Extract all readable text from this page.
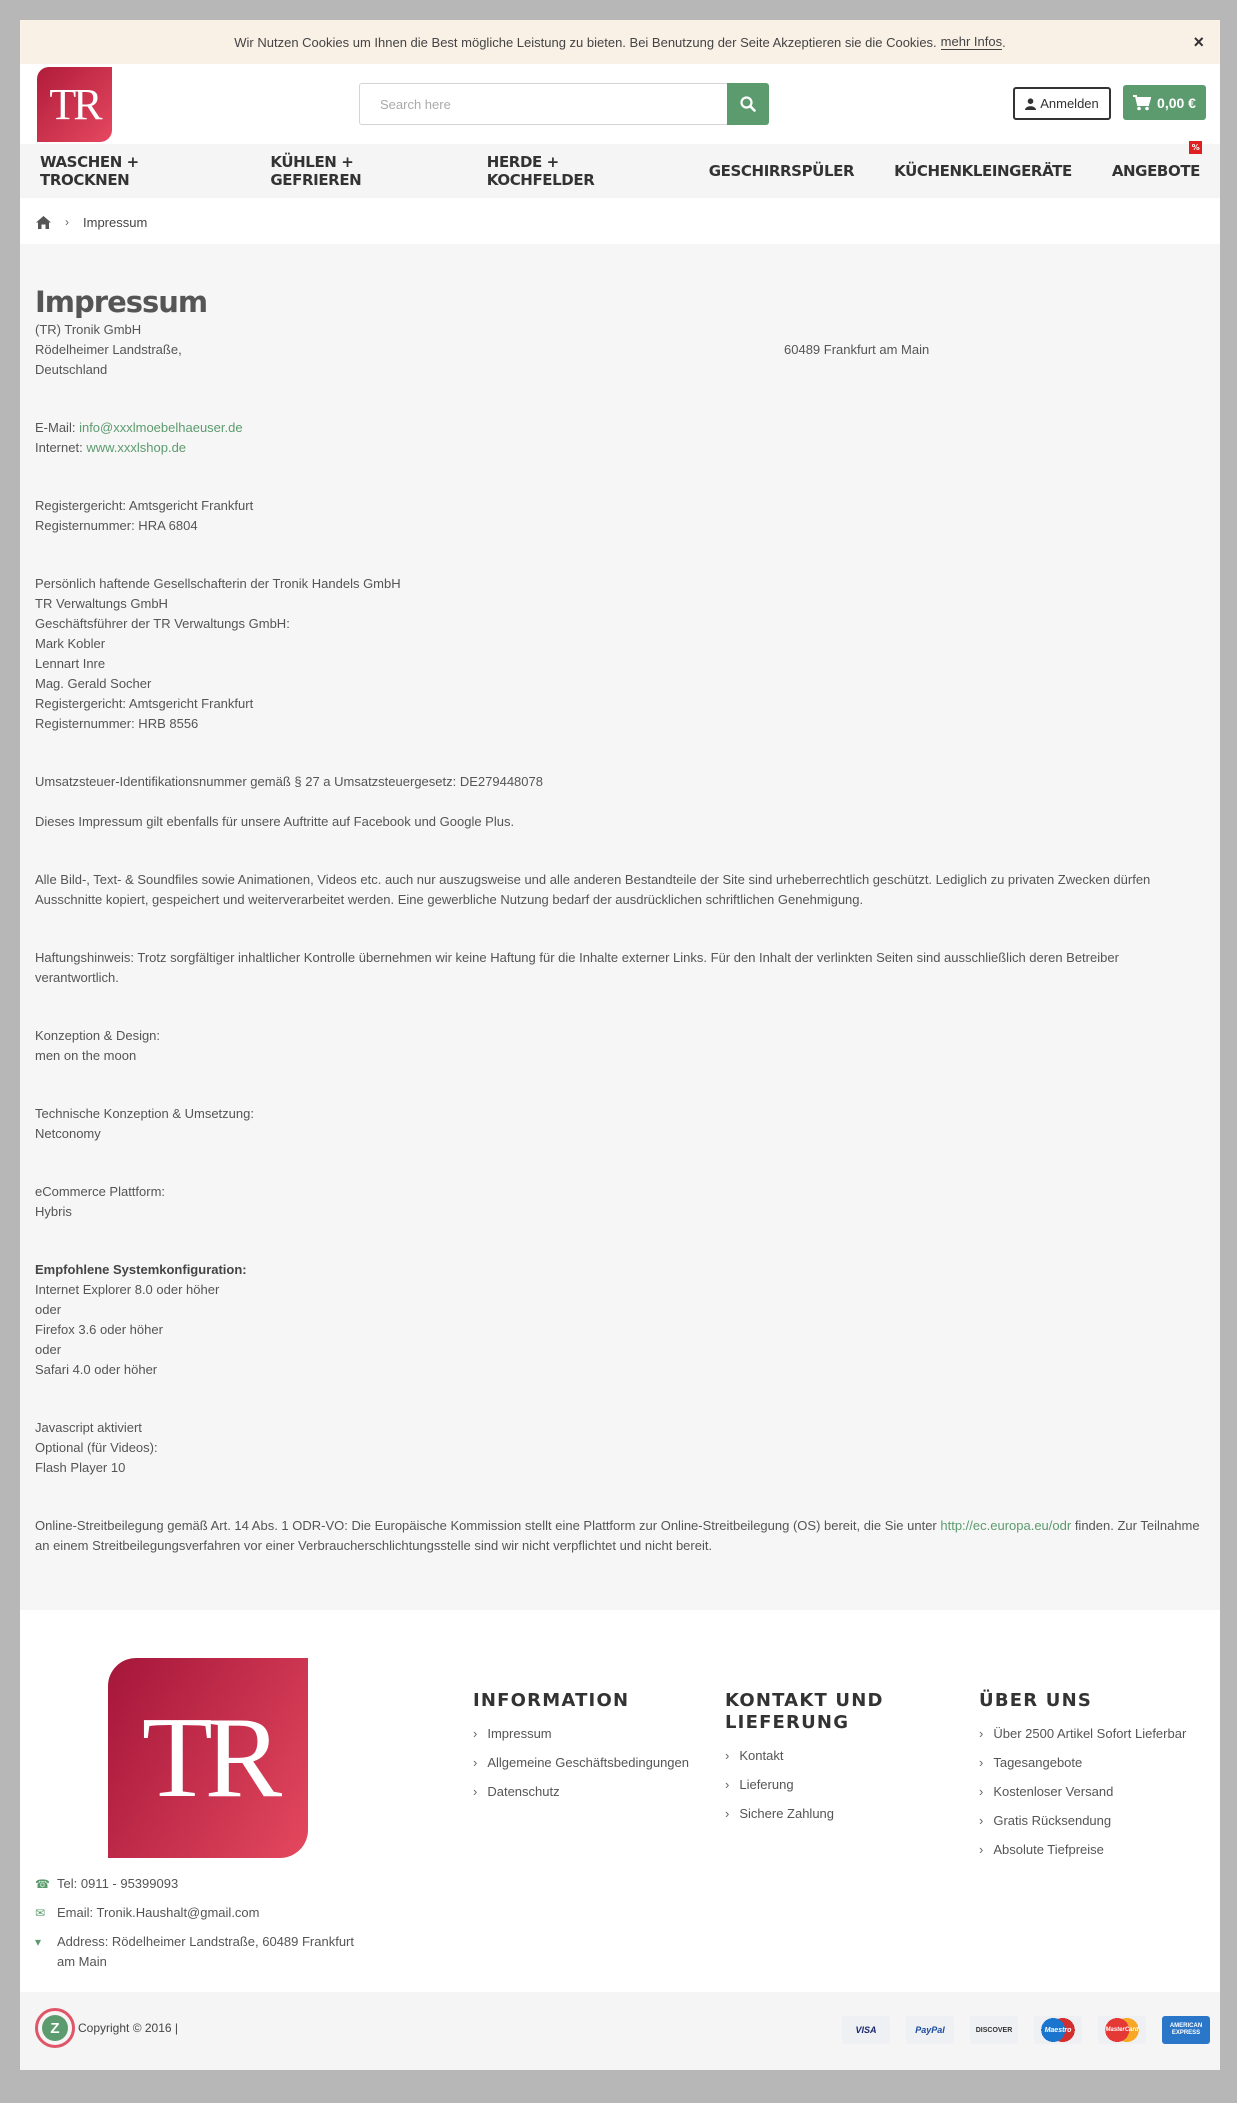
Wir Nutzen Cookies um Ihnen die Best mögliche Leistung zu bieten. Bei Benutzung der Seite Akzeptieren sie die Cookies. mehr Infos .	×
TR
Search here	Anmelden	0,00 €
WASCHEN + TROCKNEN
KÜHLEN + GEFRIEREN
HERDE + KOCHFELDER	GESCHIRRSPÜLER	KÜCHENKLEINGERÄTE	ANGEBOTE
%
› Impressum
Impressum

(TR) Tronik GmbH

Rödelheimer Landstraße,	60489 Frankfurt am Main

Deutschland

E-Mail: info@xxxlmoebelhaeuser.de

Internet: www.xxxlshop.de

Registergericht: Amtsgericht Frankfurt

Registernummer: HRA 6804

Persönlich haftende Gesellschafterin der Tronik Handels GmbH

TR Verwaltungs GmbH

Geschäftsführer der TR Verwaltungs GmbH:

Mark Kobler

Lennart Inre

Mag. Gerald Socher

Registergericht: Amtsgericht Frankfurt

Registernummer: HRB 8556

Umsatzsteuer-Identifikationsnummer gemäß § 27 a Umsatzsteuergesetz: DE279448078

Dieses Impressum gilt ebenfalls für unsere Auftritte auf Facebook und Google Plus.

Alle Bild-, Text- & Soundfiles sowie Animationen, Videos etc. auch nur auszugsweise und alle anderen Bestandteile der Site sind urheberrechtlich geschützt. Lediglich zu privaten Zwecken dürfen Ausschnitte kopiert, gespeichert und weiterverarbeitet werden. Eine gewerbliche Nutzung bedarf der ausdrücklichen schriftlichen Genehmigung.

Haftungshinweis: Trotz sorgfältiger inhaltlicher Kontrolle übernehmen wir keine Haftung für die Inhalte externer Links. Für den Inhalt der verlinkten Seiten sind ausschließlich deren Betreiber verantwortlich.

Konzeption & Design:

men on the moon

Technische Konzeption & Umsetzung:

Netconomy

eCommerce Plattform:

Hybris

Empfohlene Systemkonfiguration:

Internet Explorer 8.0 oder höher

oder

Firefox 3.6 oder höher

oder

Safari 4.0 oder höher

Javascript aktiviert

Optional (für Videos):

Flash Player 10

Online-Streitbeilegung gemäß Art. 14 Abs. 1 ODR-VO: Die Europäische Kommission stellt eine Plattform zur Online-Streitbeilegung (OS) bereit, die Sie unter http://ec.europa.eu/odr finden. Zur Teilnahme an einem Streitbeilegungsverfahren vor einer Verbraucherschlichtungsstelle sind wir nicht verpflichtet und nicht bereit.

TR
☎ Tel: 0911 - 95399093
✉ Email: Tronik.Haushalt@gmail.com
▾	Address: Rödelheimer Landstraße, 60489 Frankfurt am Main
INFORMATION
› Impressum
› Allgemeine Geschäftsbedingungen
› Datenschutz
KONTAKT UND LIEFERUNG
› Kontakt
› Lieferung
› Sichere Zahlung
ÜBER UNS
› Über 2500 Artikel Sofort Lieferbar
› Tagesangebote
› Kostenloser Versand
› Gratis Rücksendung
› Absolute Tiefpreise
Z	Copyright © 2016 |	VISA	PayPal	DISCOVER	Maestro	MasterCard
AMERICAN EXPRESS
